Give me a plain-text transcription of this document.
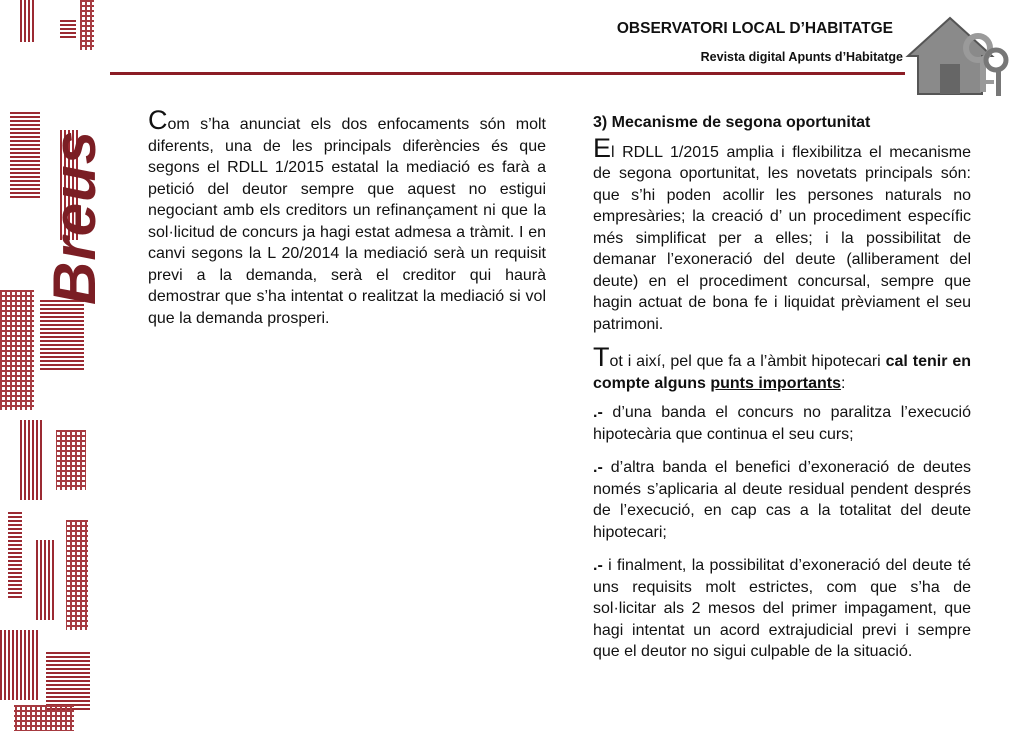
Breus
OBSERVATORI LOCAL D’HABITATGE
Revista digital Apunts d’Habitatge

Com s’ha anunciat els dos enfocaments són molt diferents, una de les principals diferències és que segons el RDLL 1/2015 estatal la mediació es farà a petició del deutor sempre que aquest no estigui negociant amb els creditors un refinançament ni que la sol·licitud de concurs ja hagi estat admesa a tràmit. I en canvi segons la L 20/2014 la mediació serà un requisit previ a la demanda, serà el creditor qui haurà demostrar que s’ha intentat o realitzat la mediació si vol que la demanda prosperi.

3) Mecanisme de segona oportunitat

El RDLL 1/2015 amplia i flexibilitza el mecanisme de segona oportunitat, les novetats principals són: que s’hi poden acollir les persones naturals no empresàries; la creació d’ un procediment específic més simplificat per a elles; i la possibilitat de demanar l’exoneració del deute (alliberament del deute) en el procediment concursal, sempre que hagin actuat de bona fe i liquidat prèviament el seu patrimoni.

Tot i així, pel que fa a l’àmbit hipotecari cal tenir en compte alguns punts importants:

.- d’una banda el concurs no paralitza l’execució hipotecària que continua el seu curs;

.- d’altra banda el benefici d’exoneració de deutes només s’aplicaria al deute residual pendent després de l’execució, en cap cas a la totalitat del deute hipotecari;

.- i finalment, la possibilitat d’exoneració del deute té uns requisits molt estrictes, com que s’ha de sol·licitar als 2 mesos del primer impagament, que hagi intentat un acord extrajudicial previ i sempre que el deutor no sigui culpable de la situació.
